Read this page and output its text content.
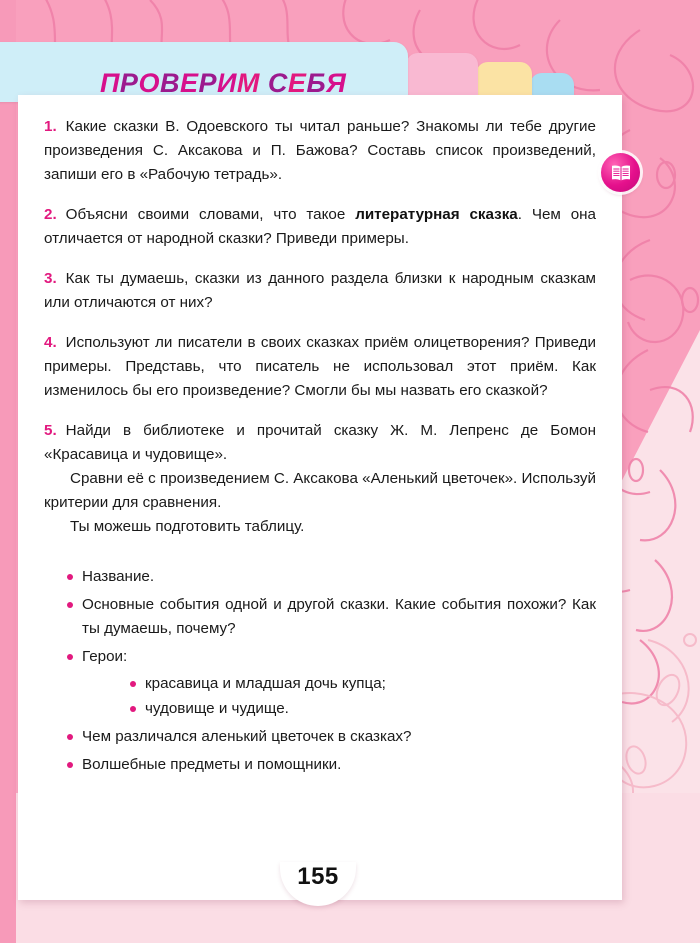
ПРОВЕРИМ СЕБЯ

1. Какие сказки В. Одоевского ты читал раньше? Знакомы ли тебе другие произведения С. Аксакова и П. Бажова? Составь список произведений, запиши его в «Рабочую тетрадь».

2. Объясни своими словами, что такое литературная сказка. Чем она отличается от народной сказки? Приведи примеры.

3. Как ты думаешь, сказки из данного раздела близки к народным сказкам или отличаются от них?

4. Используют ли писатели в своих сказках приём олицетворения? Приведи примеры. Представь, что писатель не использовал этот приём. Как изменилось бы его произведение? Смогли бы мы назвать его сказкой?

5. Найди в библиотеке и прочитай сказку Ж. М. Лепренс де Бомон «Красавица и чудовище».
Сравни её с произведением С. Аксакова «Аленький цветочек». Используй критерии для сравнения.
Ты можешь подготовить таблицу.

Название.
Основные события одной и другой сказки. Какие события похожи? Как ты думаешь, почему?
Герои:
красавица и младшая дочь купца;
чудовище и чудище.
Чем различался аленький цветочек в сказках?
Волшебные предметы и помощники.
155
